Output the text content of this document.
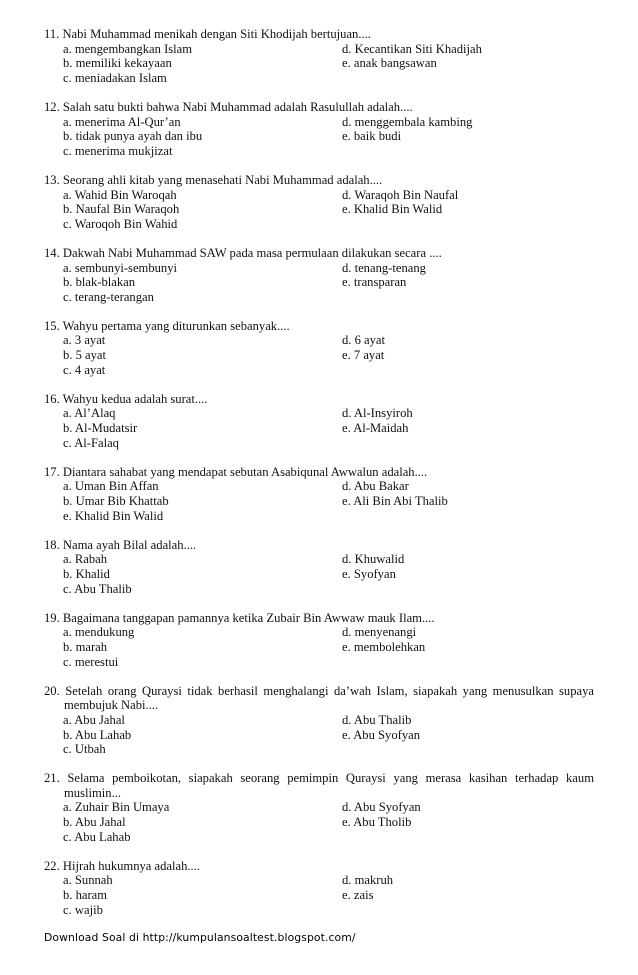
11. Nabi Muhammad menikah dengan Siti Khodijah bertujuan....
a. mengembangkan Islam	d. Kecantikan Siti Khadijah
b. memiliki kekayaan	e. anak bangsawan
c. meniadakan Islam
12. Salah satu bukti bahwa Nabi Muhammad adalah Rasulullah adalah....
a. menerima Al-Qur’an	d. menggembala kambing
b. tidak punya ayah dan ibu	e. baik budi
c. menerima mukjizat
13. Seorang ahli kitab yang menasehati Nabi Muhammad adalah....
a. Wahid Bin Waroqah	d. Waraqoh Bin Naufal
b. Naufal Bin Waraqoh	e. Khalid Bin Walid
c. Waroqoh Bin Wahid
14. Dakwah Nabi Muhammad SAW pada masa permulaan dilakukan secara ....
a. sembunyi-sembunyi	d. tenang-tenang
b. blak-blakan	e. transparan
c. terang-terangan
15. Wahyu pertama yang diturunkan sebanyak....
a. 3 ayat	d. 6 ayat
b. 5 ayat	e. 7 ayat
c. 4 ayat
16. Wahyu kedua adalah surat....
a. Al’Alaq	d. Al-Insyiroh
b. Al-Mudatsir	e. Al-Maidah
c. Al-Falaq
17. Diantara sahabat yang mendapat sebutan Asabiqunal Awwalun adalah....
a. Uman Bin Affan	d. Abu Bakar
b. Umar Bib Khattab	e. Ali Bin Abi Thalib
e. Khalid Bin Walid
18. Nama ayah Bilal adalah....
a. Rabah	d. Khuwalid
b. Khalid	e. Syofyan
c. Abu Thalib
19. Bagaimana tanggapan pamannya ketika Zubair Bin Awwaw mauk Ilam....
a. mendukung	d. menyenangi
b. marah	e. membolehkan
c. merestui
20. Setelah orang Quraysi tidak berhasil menghalangi da’wah Islam, siapakah yang menusulkan supaya
membujuk Nabi....
a. Abu Jahal	d. Abu Thalib
b. Abu Lahab	e. Abu Syofyan
c. Utbah
21. Selama pemboikotan, siapakah seorang pemimpin Quraysi yang merasa kasihan terhadap kaum
muslimin...
a. Zuhair Bin Umaya	d. Abu Syofyan
b. Abu Jahal	e. Abu Tholib
c. Abu Lahab
22. Hijrah hukumnya adalah....
a. Sunnah	d. makruh
b. haram	e. zais
c. wajib
Download Soal di http://kumpulansoaltest.blogspot.com/
